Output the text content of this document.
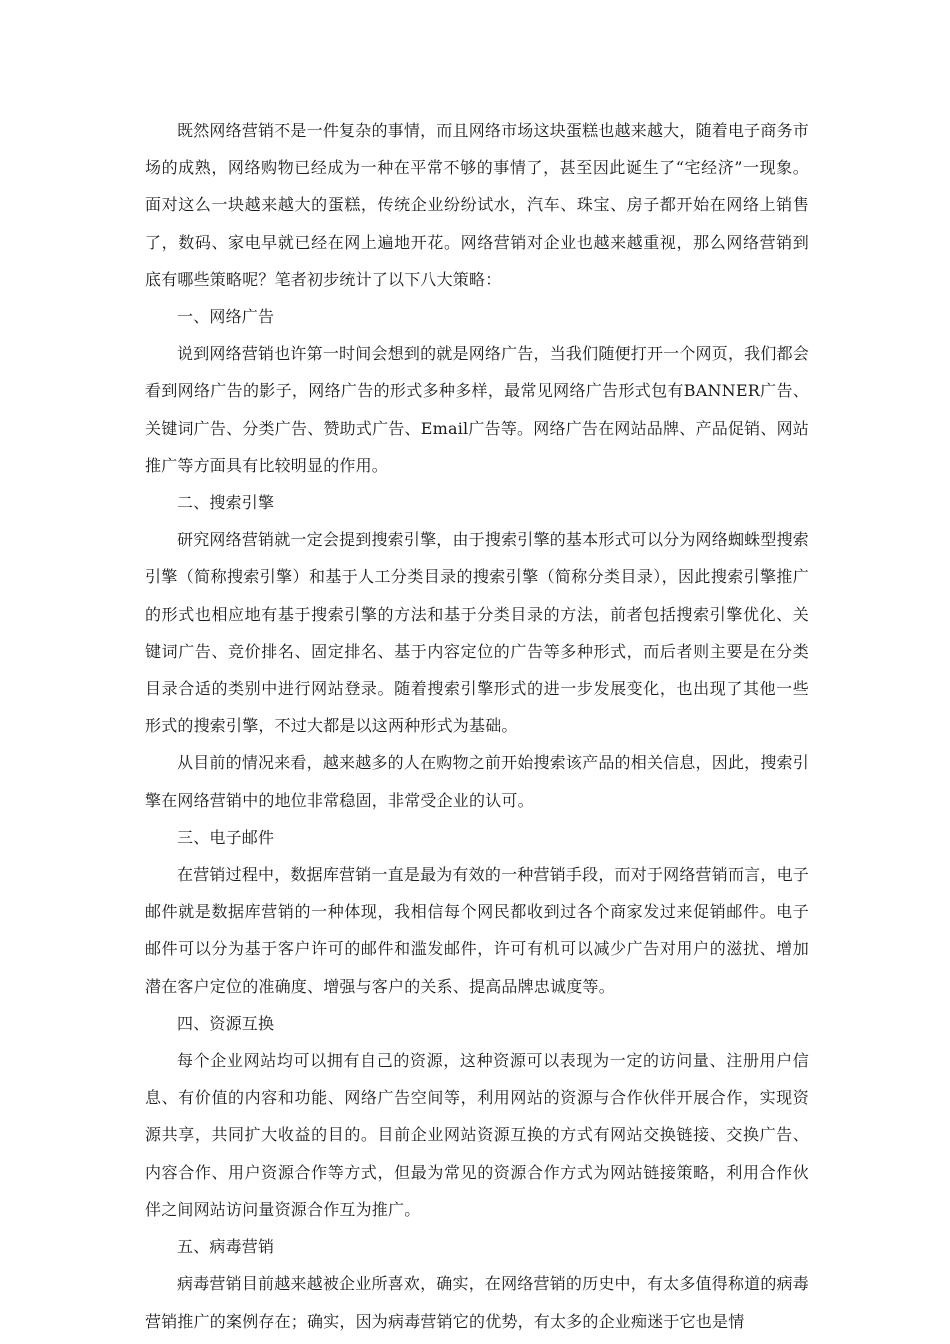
既然网络营销不是一件复杂的事情，而且网络市场这块蛋糕也越来越大，随着电子商务市场的成熟，网络购物已经成为一种在平常不够的事情了，甚至因此诞生了“宅经济”一现象。面对这么一块越来越大的蛋糕，传统企业纷纷试水，汽车、珠宝、房子都开始在网络上销售了，数码、家电早就已经在网上遍地开花。网络营销对企业也越来越重视，那么网络营销到底有哪些策略呢？笔者初步统计了以下八大策略：

一、网络广告

说到网络营销也许第一时间会想到的就是网络广告，当我们随便打开一个网页，我们都会看到网络广告的影子，网络广告的形式多种多样，最常见网络广告形式包有BANNER广告、关键词广告、分类广告、赞助式广告、Email广告等。网络广告在网站品牌、产品促销、网站推广等方面具有比较明显的作用。

二、搜索引擎

研究网络营销就一定会提到搜索引擎，由于搜索引擎的基本形式可以分为网络蜘蛛型搜索引擎（简称搜索引擎）和基于人工分类目录的搜索引擎（简称分类目录），因此搜索引擎推广的形式也相应地有基于搜索引擎的方法和基于分类目录的方法，前者包括搜索引擎优化、关键词广告、竞价排名、固定排名、基于内容定位的广告等多种形式，而后者则主要是在分类目录合适的类别中进行网站登录。随着搜索引擎形式的进一步发展变化，也出现了其他一些形式的搜索引擎，不过大都是以这两种形式为基础。

从目前的情况来看，越来越多的人在购物之前开始搜索该产品的相关信息，因此，搜索引擎在网络营销中的地位非常稳固，非常受企业的认可。

三、电子邮件

在营销过程中，数据库营销一直是最为有效的一种营销手段，而对于网络营销而言，电子邮件就是数据库营销的一种体现，我相信每个网民都收到过各个商家发过来促销邮件。电子邮件可以分为基于客户许可的邮件和滥发邮件，许可有机可以减少广告对用户的滋扰、增加潜在客户定位的准确度、增强与客户的关系、提高品牌忠诚度等。

四、资源互换

每个企业网站均可以拥有自己的资源，这种资源可以表现为一定的访问量、注册用户信息、有价值的内容和功能、网络广告空间等，利用网站的资源与合作伙伴开展合作，实现资源共享，共同扩大收益的目的。目前企业网站资源互换的方式有网站交换链接、交换广告、内容合作、用户资源合作等方式，但最为常见的资源合作方式为网站链接策略，利用合作伙伴之间网站访问量资源合作互为推广。

五、病毒营销

病毒营销目前越来越被企业所喜欢，确实，在网络营销的历史中，有太多值得称道的病毒营销推广的案例存在；确实，因为病毒营销它的优势，有太多的企业痴迷于它也是情
